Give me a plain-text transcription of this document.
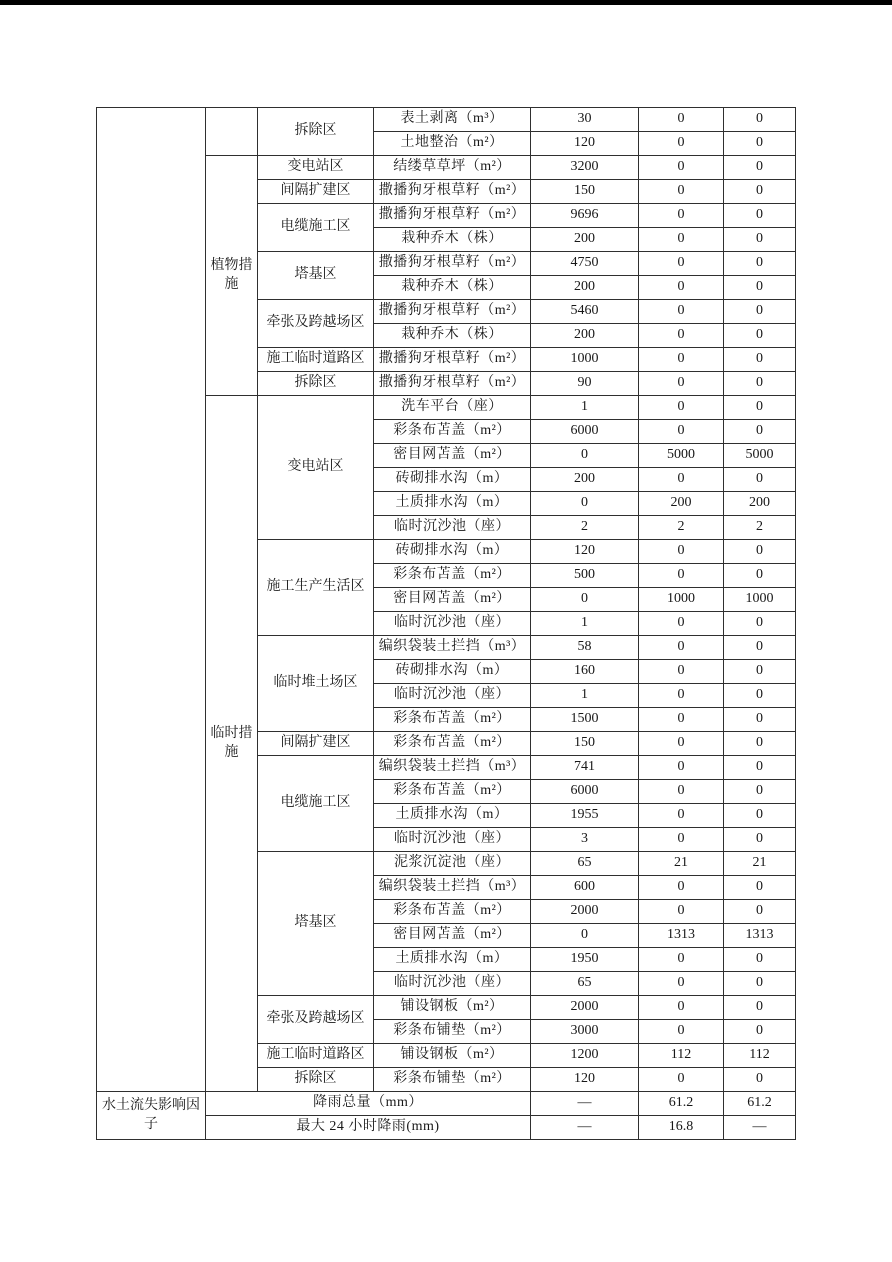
		拆除区	表土剥离（m³）	30	0	0
			土地整治（m²）	120	0	0
	植物措施	变电站区	结缕草草坪（m²）	3200	0	0
		间隔扩建区	撒播狗牙根草籽（m²）	150	0	0
		电缆施工区	撒播狗牙根草籽（m²）	9696	0	0
			栽种乔木（株）	200	0	0
		塔基区	撒播狗牙根草籽（m²）	4750	0	0
			栽种乔木（株）	200	0	0
		牵张及跨越场区	撒播狗牙根草籽（m²）	5460	0	0
			栽种乔木（株）	200	0	0
		施工临时道路区	撒播狗牙根草籽（m²）	1000	0	0
		拆除区	撒播狗牙根草籽（m²）	90	0	0
	临时措施	变电站区	洗车平台（座）	1	0	0
			彩条布苫盖（m²）	6000	0	0
			密目网苫盖（m²）	0	5000	5000
			砖砌排水沟（m）	200	0	0
			土质排水沟（m）	0	200	200
			临时沉沙池（座）	2	2	2
		施工生产生活区	砖砌排水沟（m）	120	0	0
			彩条布苫盖（m²）	500	0	0
			密目网苫盖（m²）	0	1000	1000
			临时沉沙池（座）	1	0	0
		临时堆土场区	编织袋装土拦挡（m³）	58	0	0
			砖砌排水沟（m）	160	0	0
			临时沉沙池（座）	1	0	0
			彩条布苫盖（m²）	1500	0	0
		间隔扩建区	彩条布苫盖（m²）	150	0	0
		电缆施工区	编织袋装土拦挡（m³）	741	0	0
			彩条布苫盖（m²）	6000	0	0
			土质排水沟（m）	1955	0	0
			临时沉沙池（座）	3	0	0
		塔基区	泥浆沉淀池（座）	65	21	21
			编织袋装土拦挡（m³）	600	0	0
			彩条布苫盖（m²）	2000	0	0
			密目网苫盖（m²）	0	1313	1313
			土质排水沟（m）	1950	0	0
			临时沉沙池（座）	65	0	0
		牵张及跨越场区	铺设钢板（m²）	2000	0	0
			彩条布铺垫（m²）	3000	0	0
		施工临时道路区	铺设钢板（m²）	1200	112	112
		拆除区	彩条布铺垫（m²）	120	0	0
水土流失影响因子	降雨总量（mm）			—	61.2	61.2
	最大 24 小时降雨(mm)			—	16.8	—
